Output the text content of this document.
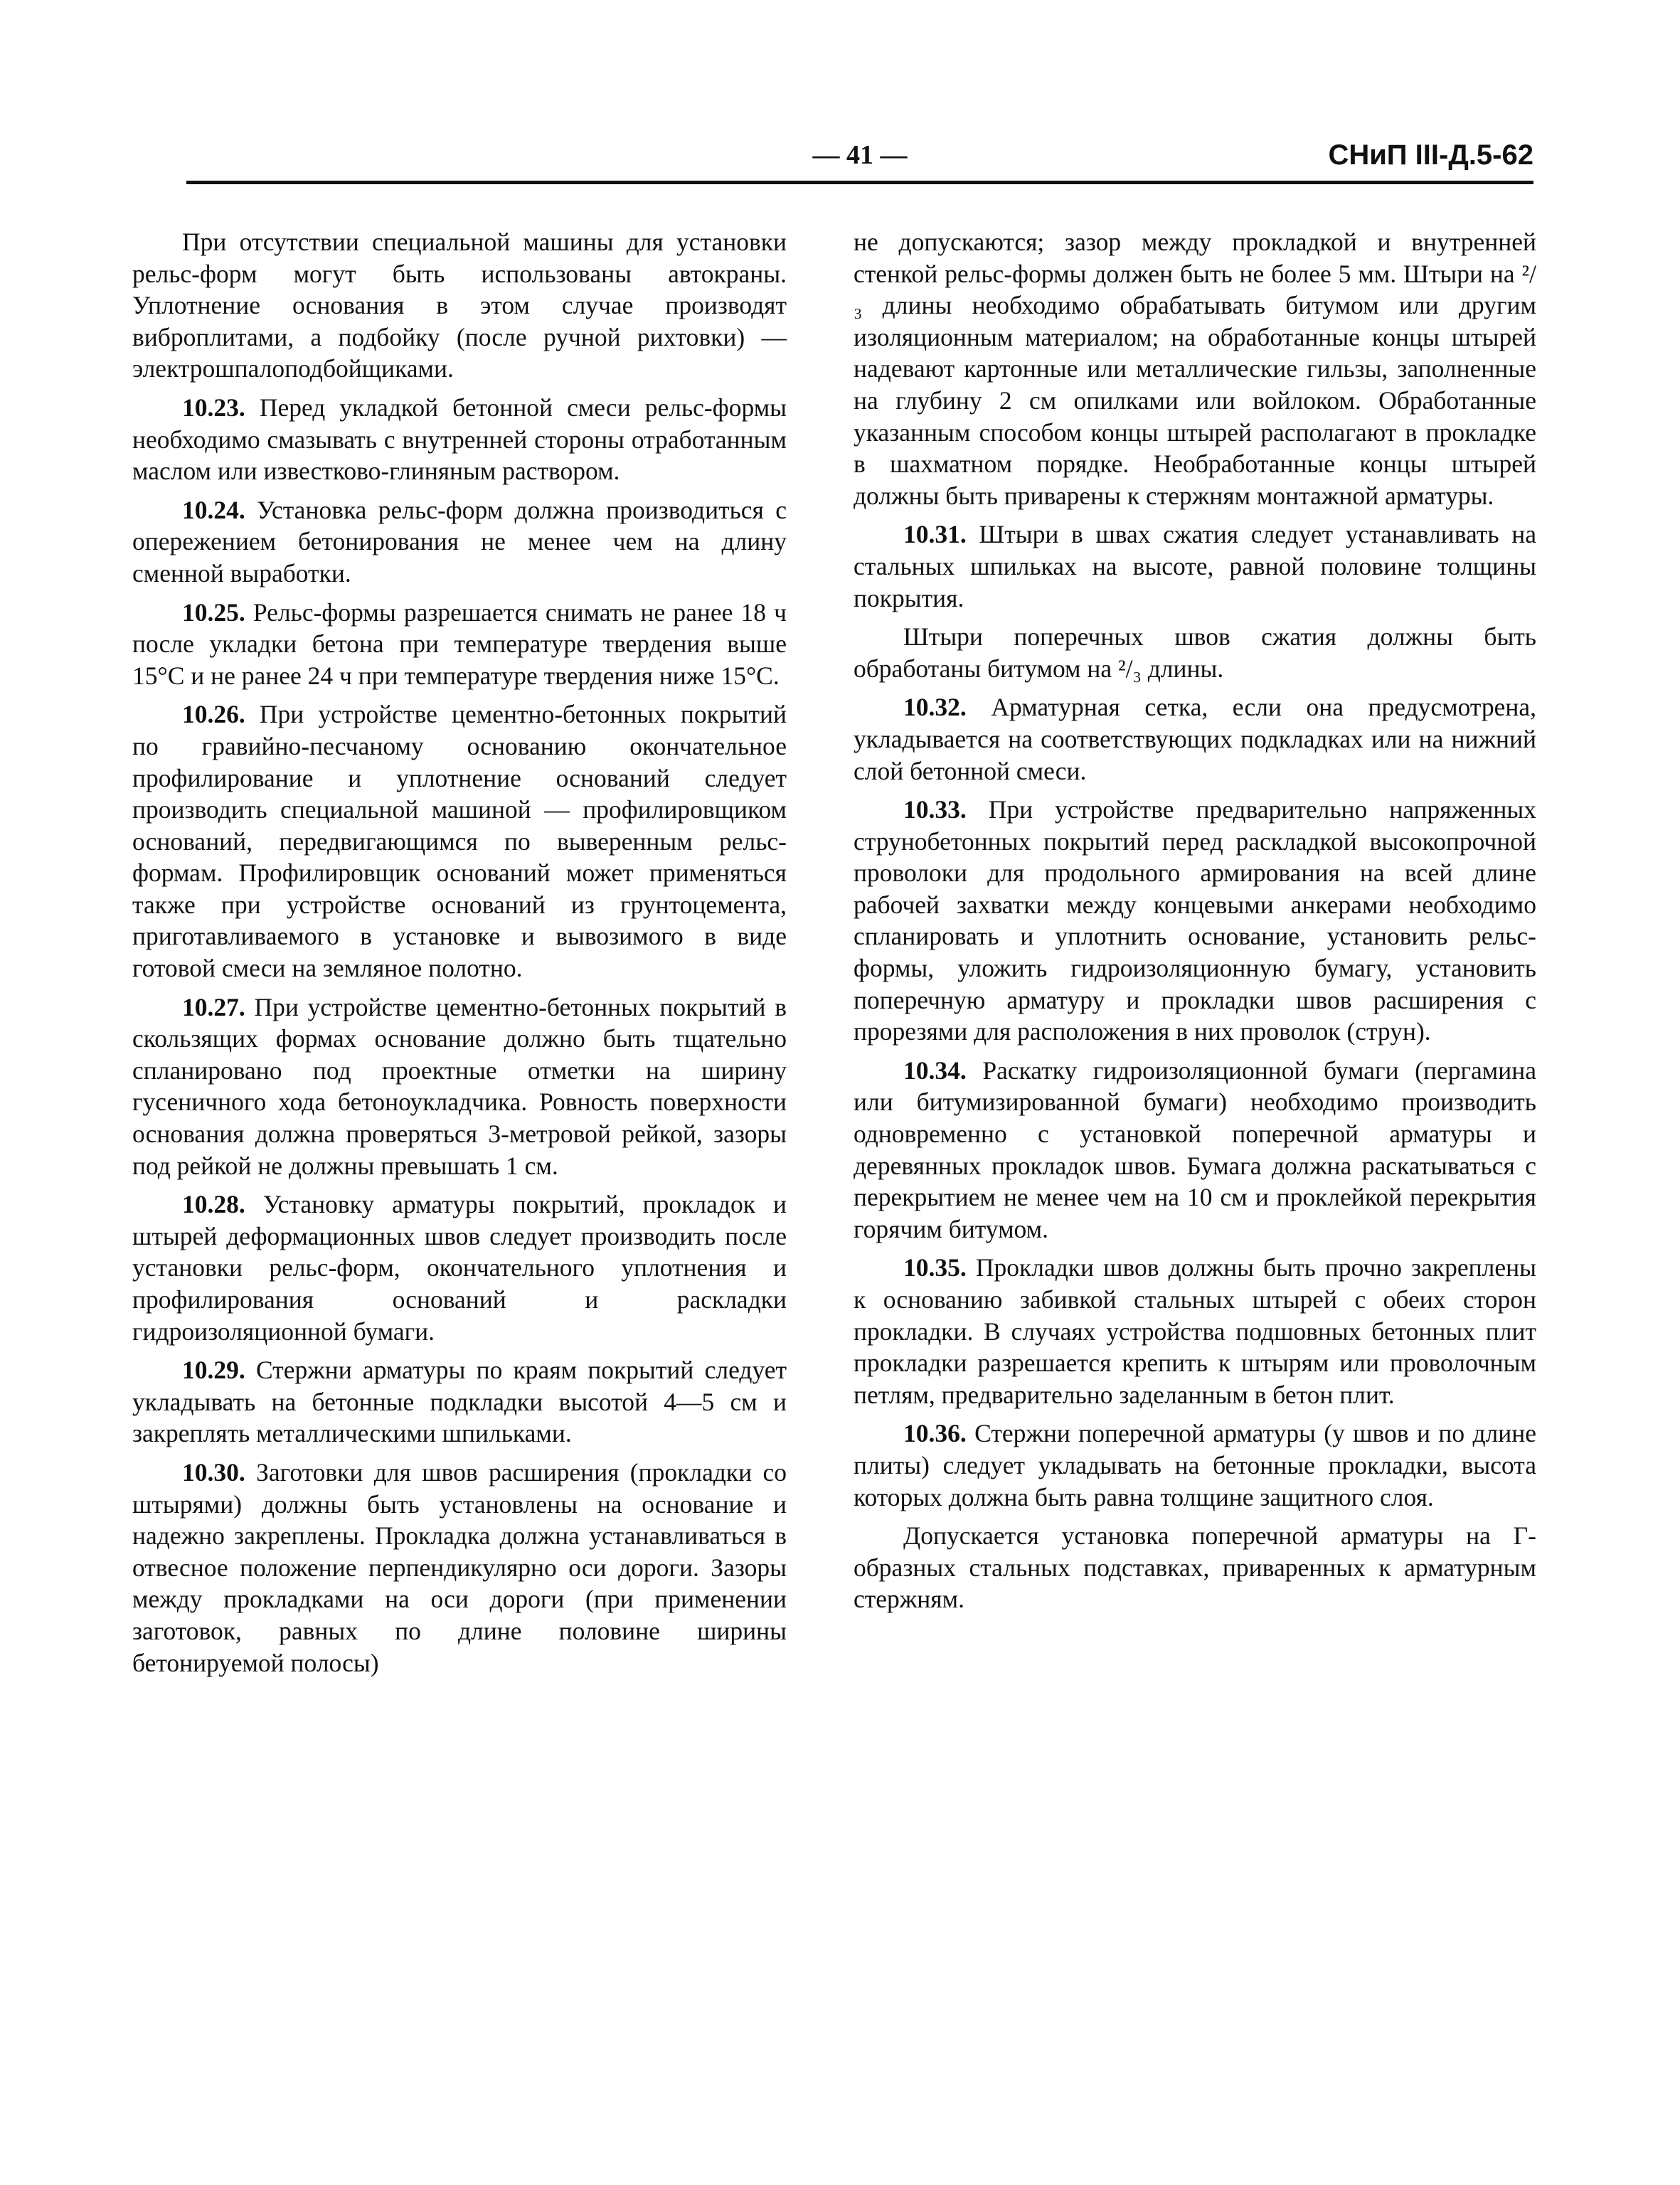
— 41 —	СНиП III-Д.5-62

При отсутствии специальной машины для установки рельс-форм могут быть использованы автокраны. Уплотнение основания в этом случае производят виброплитами, а подбойку (после ручной рихтовки) — электрошпалоподбойщиками.

10.23. Перед укладкой бетонной смеси рельс-формы необходимо смазывать с внутренней стороны отработанным маслом или известково-глиняным раствором.

10.24. Установка рельс-форм должна производиться с опережением бетонирования не менее чем на длину сменной выработки.

10.25. Рельс-формы разрешается снимать не ранее 18 ч после укладки бетона при температуре твердения выше 15°С и не ранее 24 ч при температуре твердения ниже 15°С.

10.26. При устройстве цементно-бетонных покрытий по гравийно-песчаному основанию окончательное профилирование и уплотнение оснований следует производить специальной машиной — профилировщиком оснований, передвигающимся по выверенным рельс-формам. Профилировщик оснований может применяться также при устройстве оснований из грунтоцемента, приготавливаемого в установке и вывозимого в виде готовой смеси на земляное полотно.

10.27. При устройстве цементно-бетонных покрытий в скользящих формах основание должно быть тщательно спланировано под проектные отметки на ширину гусеничного хода бетоноукладчика. Ровность поверхности основания должна проверяться 3-метровой рейкой, зазоры под рейкой не должны превышать 1 см.

10.28. Установку арматуры покрытий, прокладок и штырей деформационных швов следует производить после установки рельс-форм, окончательного уплотнения и профилирования оснований и раскладки гидроизоляционной бумаги.

10.29. Стержни арматуры по краям покрытий следует укладывать на бетонные подкладки высотой 4—5 см и закреплять металлическими шпильками.

10.30. Заготовки для швов расширения (прокладки со штырями) должны быть установлены на основание и надежно закреплены. Прокладка должна устанавливаться в отвесное положение перпендикулярно оси дороги. Зазоры между прокладками на оси дороги (при применении заготовок, равных по длине половине ширины бетонируемой полосы)

не допускаются; зазор между прокладкой и внутренней стенкой рельс-формы должен быть не более 5 мм. Штыри на ²/₃ длины необходимо обрабатывать битумом или другим изоляционным материалом; на обработанные концы штырей надевают картонные или металлические гильзы, заполненные на глубину 2 см опилками или войлоком. Обработанные указанным способом концы штырей располагают в прокладке в шахматном порядке. Необработанные концы штырей должны быть приварены к стержням монтажной арматуры.

10.31. Штыри в швах сжатия следует устанавливать на стальных шпильках на высоте, равной половине толщины покрытия.

Штыри поперечных швов сжатия должны быть обработаны битумом на ²/₃ длины.

10.32. Арматурная сетка, если она предусмотрена, укладывается на соответствующих подкладках или на нижний слой бетонной смеси.

10.33. При устройстве предварительно напряженных струнобетонных покрытий перед раскладкой высокопрочной проволоки для продольного армирования на всей длине рабочей захватки между концевыми анкерами необходимо спланировать и уплотнить основание, установить рельс-формы, уложить гидроизоляционную бумагу, установить поперечную арматуру и прокладки швов расширения с прорезями для расположения в них проволок (струн).

10.34. Раскатку гидроизоляционной бумаги (пергамина или битумизированной бумаги) необходимо производить одновременно с установкой поперечной арматуры и деревянных прокладок швов. Бумага должна раскатываться с перекрытием не менее чем на 10 см и проклейкой перекрытия горячим битумом.

10.35. Прокладки швов должны быть прочно закреплены к основанию забивкой стальных штырей с обеих сторон прокладки. В случаях устройства подшовных бетонных плит прокладки разрешается крепить к штырям или проволочным петлям, предварительно заделанным в бетон плит.

10.36. Стержни поперечной арматуры (у швов и по длине плиты) следует укладывать на бетонные прокладки, высота которых должна быть равна толщине защитного слоя.

Допускается установка поперечной арматуры на Г-образных стальных подставках, приваренных к арматурным стержням.
